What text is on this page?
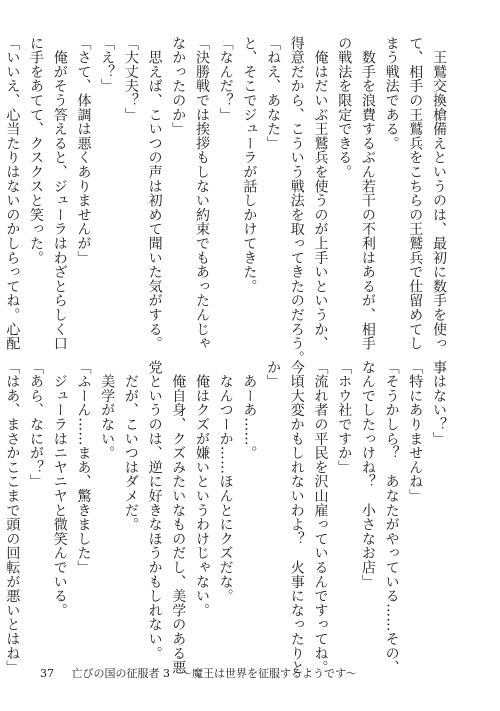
　王鷲交換槍備えというのは、最初に数手を使っ
て、相手の王鷲兵をこちらの王鷲兵で仕留めてし
まう戦法である。
　数手を浪費するぶん若干の不利はあるが、相手
の戦法を限定できる。
　俺はだいぶ王鷲兵を使うのが上手いというか、
得意だから、こういう戦法を取ってきたのだろう。
「ねえ、あなた」
と、そこでジューラが話しかけてきた。
「なんだ？」
「決勝戦では挨拶もしない約束でもあったんじゃ
なかったのか」
　思えば、こいつの声は初めて聞いた気がする。
「大丈夫？」
「え？」
「さて、体調は悪くありませんが」
　俺がそう答えると、ジューラはわざとらしく口
に手をあてて、クスクスと笑った。
「いいえ、心当たりはないのかしらってね。心配
事はない？」
「特にありませんね」
「そうかしら？　あなたがやっている……その、
なんでしたっけね？　小さなお店」
「ホウ社ですか」
「流れ者の平民を沢山雇っているんですってね。
今頃大変かもしれないわよ？　火事になったりと
か」
　あーあ……。
　なんつーか……ほんとにクズだな。
　俺はクズが嫌いというわけじゃない。
　俺自身、クズみたいなものだし、美学のある悪
党というのは、逆に好きなほうかもしれない。
　だが、こいつはダメだ。
　美学がない。
「ふーん……まあ、驚きました」
　ジューラはニヤニヤと微笑んでいる。
「あら、なにが？」
「はあ、まさかここまで頭の回転が悪いとはね」 37 亡びの国の征服者 3　～魔王は世界を征服するようです～
